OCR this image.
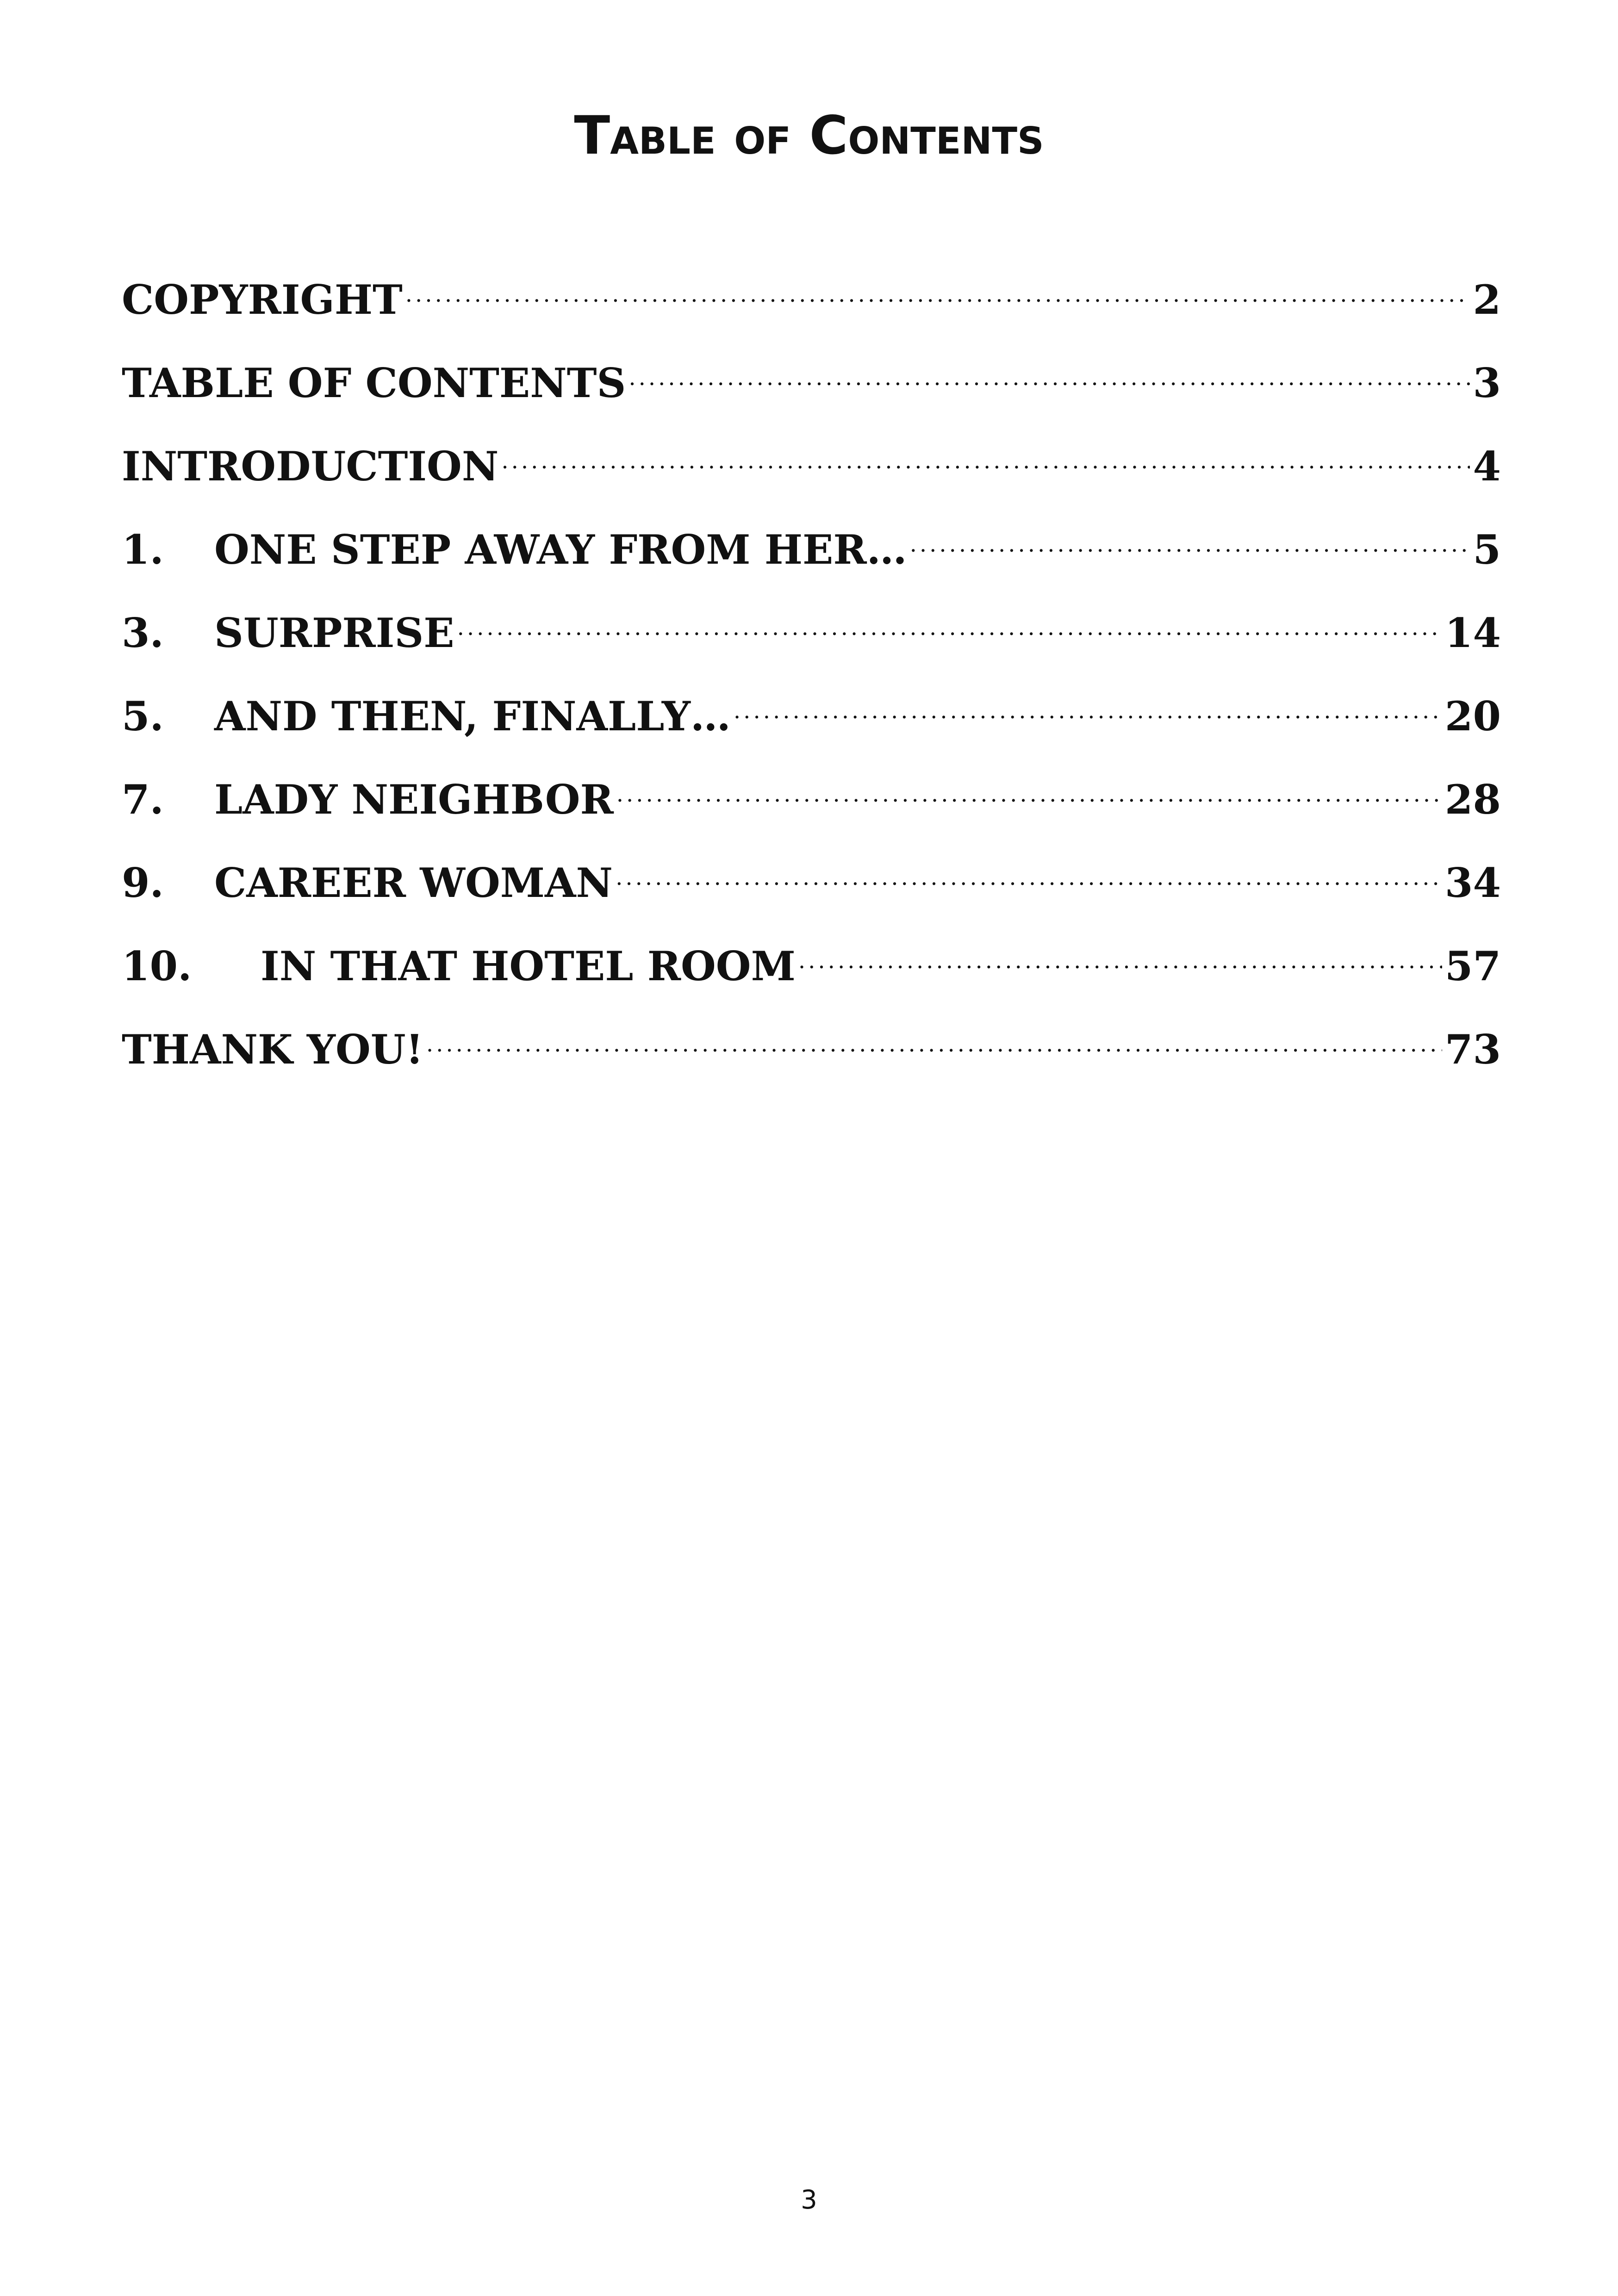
Table of Contents
COPYRIGHT .....	2
TABLE OF CONTENTS .....	3
INTRODUCTION .....	4
1.	ONE STEP AWAY FROM HER… .....	5
3.	SURPRISE .....	14
5.	AND THEN, FINALLY… .....	20
7.	LADY NEIGHBOR .....	28
9.	CAREER WOMAN .....	34
10.	IN THAT HOTEL ROOM .....	57
THANK YOU! .....	73
3
